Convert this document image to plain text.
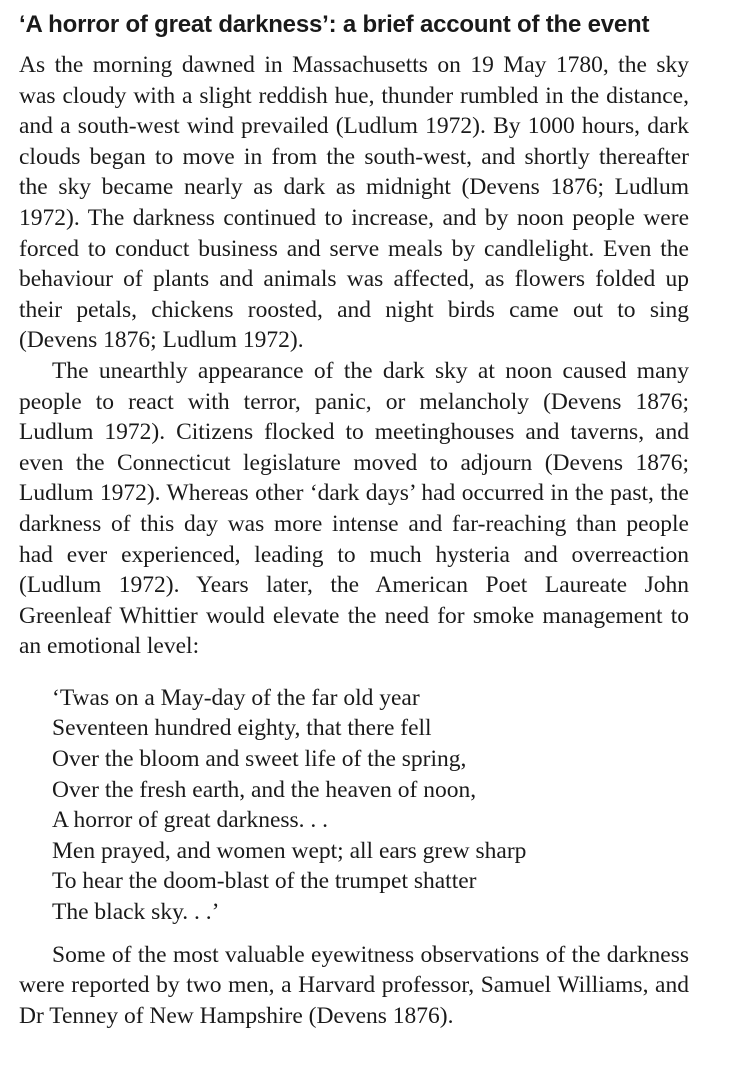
‘A horror of great darkness’: a brief account of the event

As the morning dawned in Massachusetts on 19 May 1780, the sky was cloudy with a slight reddish hue, thunder rumbled in the distance, and a south-west wind prevailed (Ludlum 1972). By 1000 hours, dark clouds began to move in from the south-west, and shortly thereafter the sky became nearly as dark as midnight (Devens 1876; Ludlum 1972). The darkness continued to increase, and by noon people were forced to conduct business and serve meals by candlelight. Even the behaviour of plants and animals was affected, as flowers folded up their petals, chickens roosted, and night birds came out to sing (Devens 1876; Ludlum 1972).

The unearthly appearance of the dark sky at noon caused many people to react with terror, panic, or melancholy (Devens 1876; Ludlum 1972). Citizens flocked to meetinghouses and taverns, and even the Connecticut legislature moved to adjourn (Devens 1876; Ludlum 1972). Whereas other ‘dark days’ had occurred in the past, the darkness of this day was more intense and far-reaching than people had ever experienced, leading to much hysteria and overreaction (Ludlum 1972). Years later, the American Poet Laureate John Greenleaf Whittier would elevate the need for smoke management to an emotional level:

‘Twas on a May-day of the far old year
Seventeen hundred eighty, that there fell
Over the bloom and sweet life of the spring,
Over the fresh earth, and the heaven of noon,
A horror of great darkness. . .
Men prayed, and women wept; all ears grew sharp
To hear the doom-blast of the trumpet shatter
The black sky. . .’

Some of the most valuable eyewitness observations of the darkness were reported by two men, a Harvard professor, Samuel Williams, and Dr Tenney of New Hampshire (Devens 1876).
